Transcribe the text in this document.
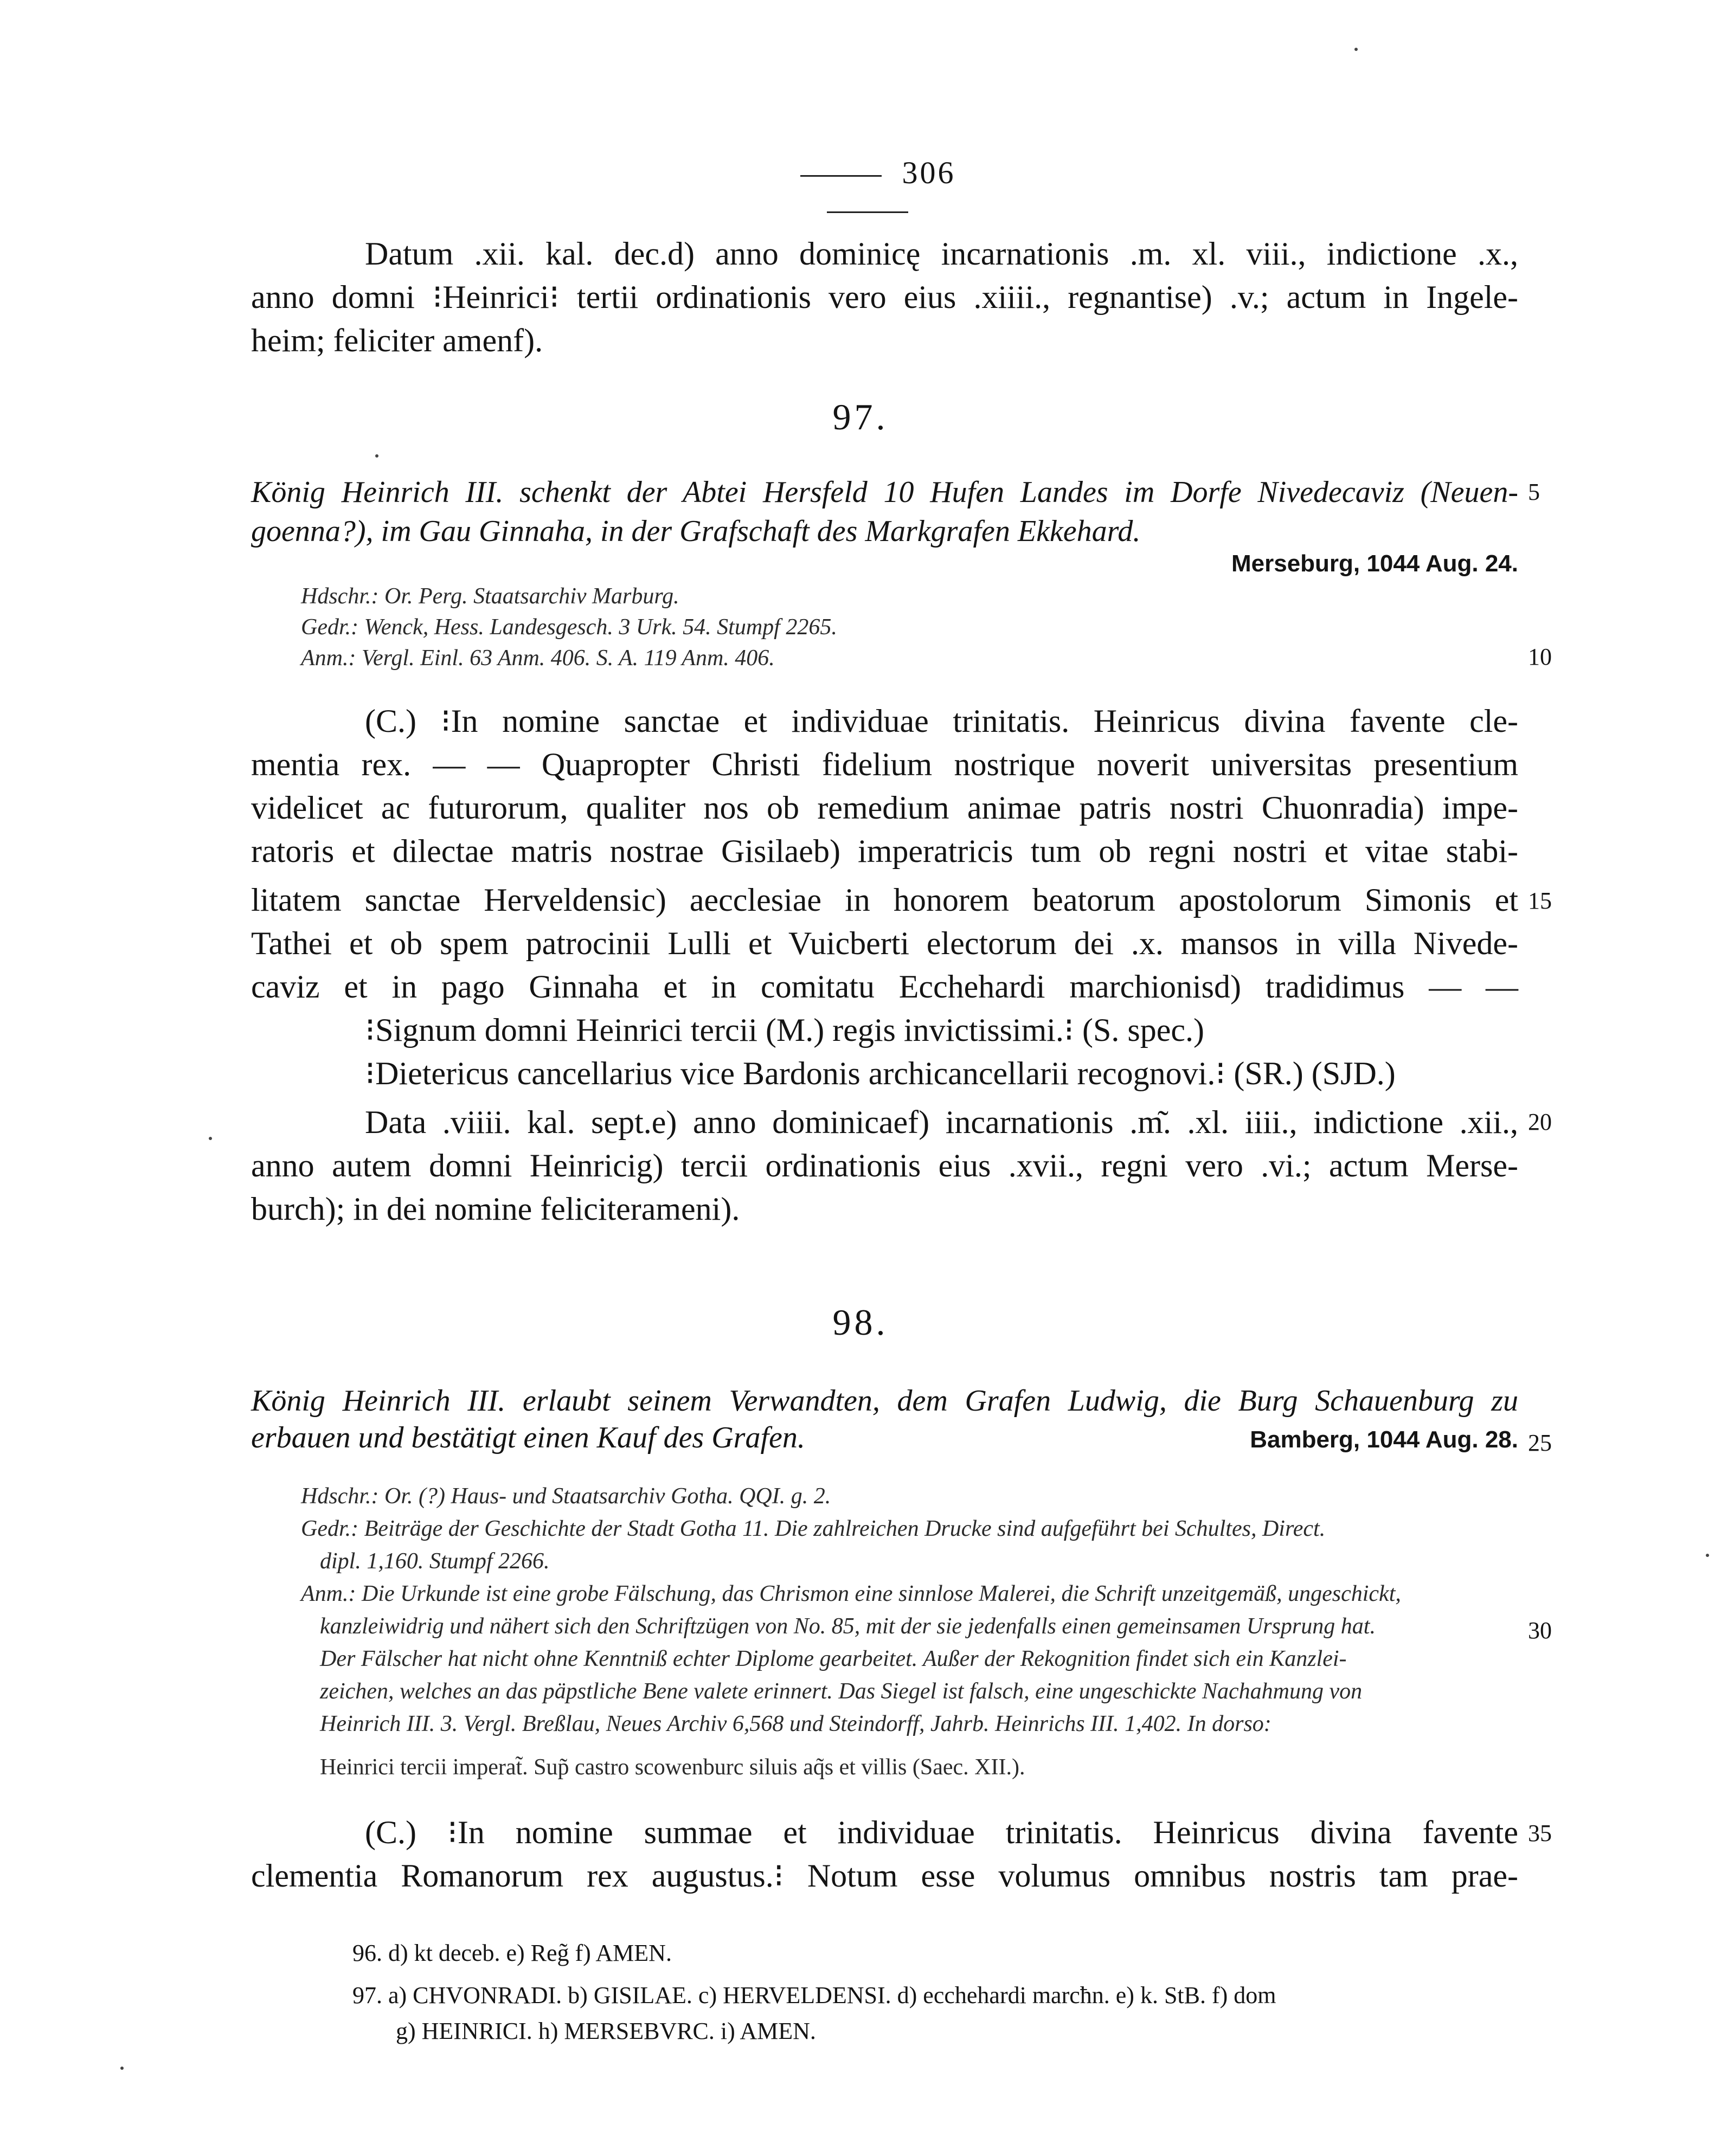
306
Datum .xii. kal. dec.d) anno dominicę incarnationis .m. xl. viii., indictione .x.,
anno domni ⁝Heinrici⁝ tertii ordinationis vero eius .xiiii., regnantise) .v.; actum in Ingele-
heim; feliciter amenf).
97.
König Heinrich III. schenkt der Abtei Hersfeld 10 Hufen Landes im Dorfe Nivedecaviz (Neuen-
goenna?), im Gau Ginnaha, in der Grafschaft des Markgrafen Ekkehard.
Merseburg, 1044 Aug. 24.
Hdschr.: Or. Perg. Staatsarchiv Marburg.
Gedr.: Wenck, Hess. Landesgesch. 3 Urk. 54. Stumpf 2265.
Anm.: Vergl. Einl. 63 Anm. 406. S. A. 119 Anm. 406.
(C.) ⁝In nomine sanctae et individuae trinitatis. Heinricus divina favente cle-
mentia rex. — — Quapropter Christi fidelium nostrique noverit universitas presentium
videlicet ac futurorum, qualiter nos ob remedium animae patris nostri Chuonradia) impe-
ratoris et dilectae matris nostrae Gisilaeb) imperatricis tum ob regni nostri et vitae stabi-
litatem sanctae Herveldensic) aecclesiae in honorem beatorum apostolorum Simonis et
Tathei et ob spem patrocinii Lulli et Vuicberti electorum dei .x. mansos in villa Nivede-
caviz et in pago Ginnaha et in comitatu Ecchehardi marchionisd) tradidimus — —
⁝Signum domni Heinrici tercii (M.) regis invictissimi.⁝ (S. spec.)
⁝Dietericus cancellarius vice Bardonis archicancellarii recognovi.⁝ (SR.) (SJD.)
Data .viiii. kal. sept.e) anno dominicaef) incarnationis .m͂. .xl. iiii., indictione .xii.,
anno autem domni Heinricig) tercii ordinationis eius .xvii., regni vero .vi.; actum Merse-
burch); in dei nomine feliciterameni).
98.
König Heinrich III. erlaubt seinem Verwandten, dem Grafen Ludwig, die Burg Schauenburg zu
erbauen und bestätigt einen Kauf des Grafen.	Bamberg, 1044 Aug. 28.
Hdschr.: Or. (?) Haus- und Staatsarchiv Gotha. QQI. g. 2.
Gedr.: Beiträge der Geschichte der Stadt Gotha 11. Die zahlreichen Drucke sind aufgeführt bei Schultes, Direct.
dipl. 1,160. Stumpf 2266.
Anm.: Die Urkunde ist eine grobe Fälschung, das Chrismon eine sinnlose Malerei, die Schrift unzeitgemäß, ungeschickt,
kanzleiwidrig und nähert sich den Schriftzügen von No. 85, mit der sie jedenfalls einen gemeinsamen Ursprung hat.
Der Fälscher hat nicht ohne Kenntniß echter Diplome gearbeitet. Außer der Rekognition findet sich ein Kanzlei-
zeichen, welches an das päpstliche Bene valete erinnert. Das Siegel ist falsch, eine ungeschickte Nachahmung von
Heinrich III. 3. Vergl. Breßlau, Neues Archiv 6,568 und Steindorff, Jahrb. Heinrichs III. 1,402. In dorso:
Heinrici tercii imperat̃. Sup̃ castro scowenburc siluis aq̃s et villis (Saec. XII.).
(C.) ⁝In nomine summae et individuae trinitatis. Heinricus divina favente
clementia Romanorum rex augustus.⁝ Notum esse volumus omnibus nostris tam prae-
5
10
15
20
25
30
35
96. d) kt deceb. e) Reg̃ f) AMEN.
97. a) CHVONRADI. b) GISILAE. c) HERVELDENSI. d) ecchehardi marcħn. e) k. StB. f) dom
g) HEINRICI. h) MERSEBVRC. i) AMEN.
